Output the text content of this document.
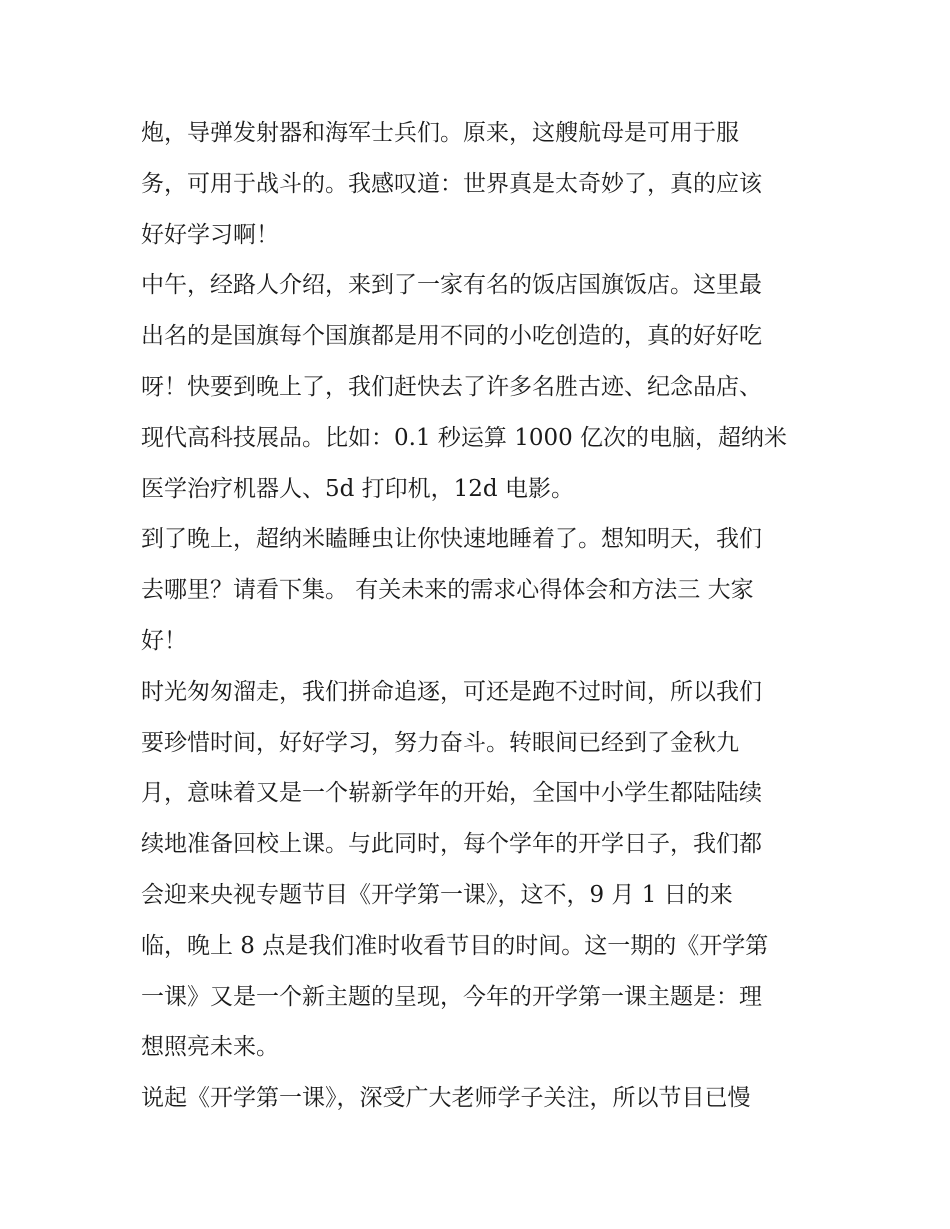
炮，导弹发射器和海军士兵们。原来，这艘航母是可用于服
务，可用于战斗的。我感叹道：世界真是太奇妙了，真的应该
好好学习啊！
中午，经路人介绍，来到了一家有名的饭店国旗饭店。这里最
出名的是国旗每个国旗都是用不同的小吃创造的，真的好好吃
呀！快要到晚上了，我们赶快去了许多名胜古迹、纪念品店、
现代高科技展品。比如：0.1 秒运算 1000 亿次的电脑，超纳米
医学治疗机器人、5d 打印机，12d 电影。
到了晚上，超纳米瞌睡虫让你快速地睡着了。想知明天，我们
去哪里？请看下集。 有关未来的需求心得体会和方法三 大家
好！
时光匆匆溜走，我们拼命追逐，可还是跑不过时间，所以我们
要珍惜时间，好好学习，努力奋斗。转眼间已经到了金秋九
月，意味着又是一个崭新学年的开始，全国中小学生都陆陆续
续地准备回校上课。与此同时，每个学年的开学日子，我们都
会迎来央视专题节目《开学第一课》，这不，9 月 1 日的来
临，晚上 8 点是我们准时收看节目的时间。这一期的《开学第
一课》又是一个新主题的呈现，今年的开学第一课主题是：理
想照亮未来。
说起《开学第一课》，深受广大老师学子关注，所以节目已慢
